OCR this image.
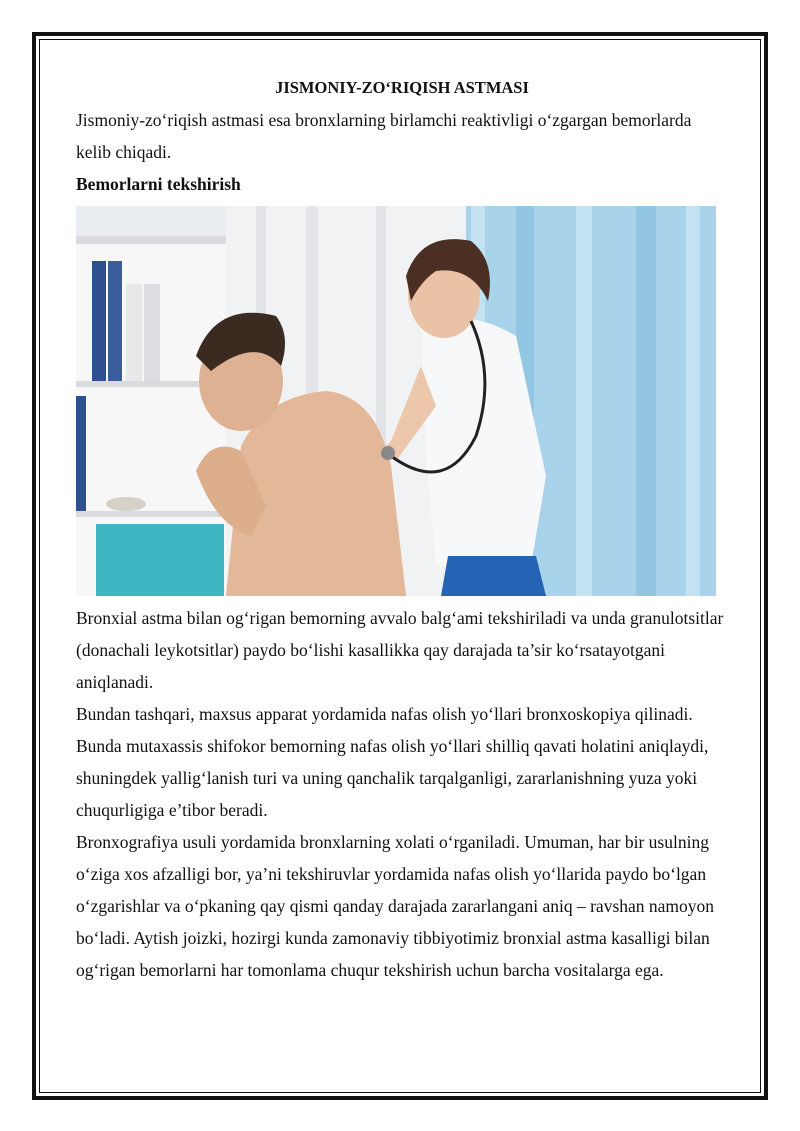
JISMONIY-ZO‘RIQISH ASTMASI

Jismoniy-zo‘riqish astmasi esa bronxlarning birlamchi reaktivligi o‘zgargan bemorlarda kelib chiqadi.

Bemorlarni tekshirish

Bronxial astma bilan og‘rigan bemorning avvalo balg‘ami tekshiriladi va unda granulotsitlar (donachali leykotsitlar) paydo bo‘lishi kasallikka qay darajada ta’sir ko‘rsatayotgani aniqlanadi.

Bundan tashqari, maxsus apparat yordamida nafas olish yo‘llari bronxoskopiya qilinadi. Bunda mutaxassis shifokor bemorning nafas olish yo‘llari shilliq qavati holatini aniqlaydi, shuningdek yallig‘lanish turi va uning qanchalik tarqalganligi, zararlanishning yuza yoki chuqurligiga e’tibor beradi.

Bronxografiya usuli yordamida bronxlarning xolati o‘rganiladi. Umuman, har bir usulning o‘ziga xos afzalligi bor, ya’ni tekshiruvlar yordamida nafas olish yo‘llarida paydo bo‘lgan o‘zgarishlar va o‘pkaning qay qismi qanday darajada zararlangani aniq – ravshan namoyon bo‘ladi. Aytish joizki, hozirgi kunda zamonaviy tibbiyotimiz bronxial astma kasalligi bilan og‘rigan bemorlarni har tomonlama chuqur tekshirish uchun barcha vositalarga ega.
